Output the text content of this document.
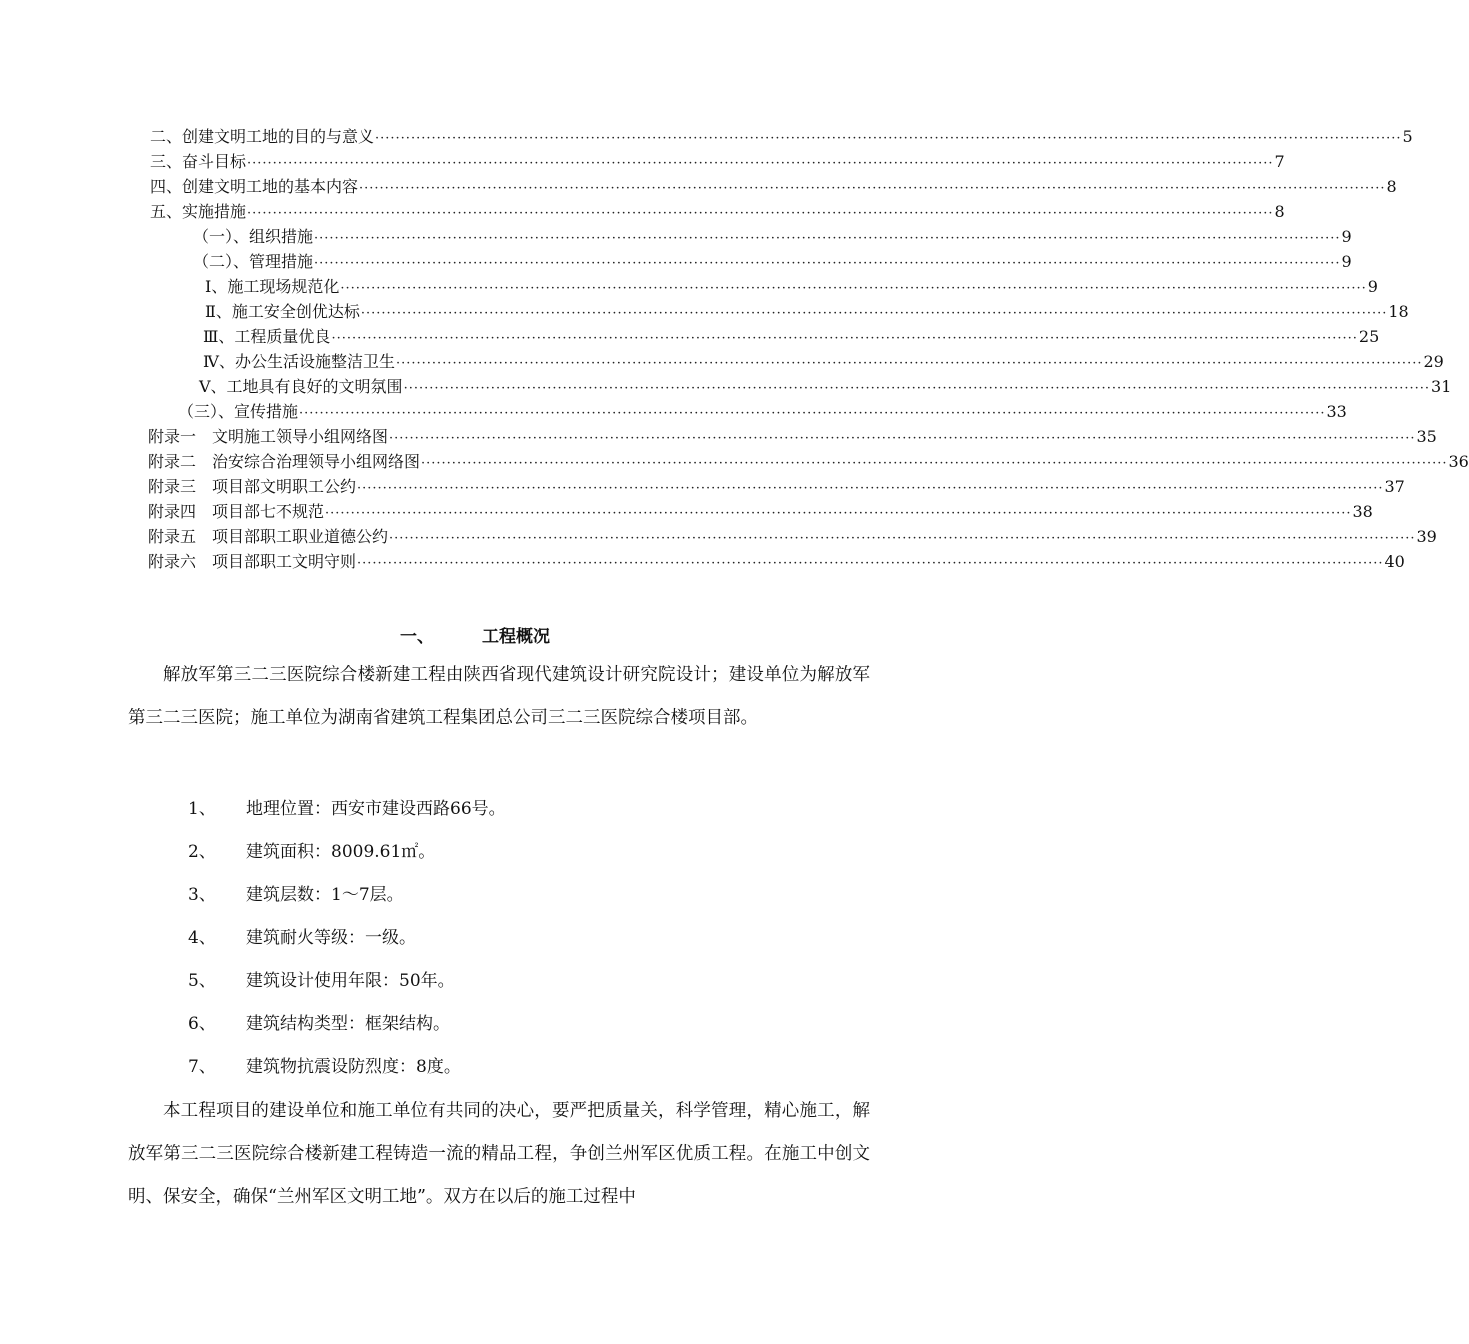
二、创建文明工地的目的与意义 ········································································································································································································ 5
三、奋斗目标 ········································································································································································································ 7
四、创建文明工地的基本内容 ········································································································································································································ 8
五、实施措施 ········································································································································································································ 8
（一）、组织措施 ········································································································································································································ 9
（二）、管理措施 ········································································································································································································ 9
Ⅰ、施工现场规范化 ········································································································································································································ 9
Ⅱ、施工安全创优达标 ········································································································································································································ 18
Ⅲ、工程质量优良 ········································································································································································································ 25
Ⅳ、办公生活设施整洁卫生 ········································································································································································································ 29
Ⅴ、工地具有良好的文明氛围 ········································································································································································································ 31
（三）、宣传措施 ········································································································································································································ 33
附录一　文明施工领导小组网络图 ········································································································································································································ 35
附录二　治安综合治理领导小组网络图 ········································································································································································································ 36
附录三　项目部文明职工公约 ········································································································································································································ 37
附录四　项目部七不规范 ········································································································································································································ 38
附录五　项目部职工职业道德公约 ········································································································································································································ 39
附录六　项目部职工文明守则 ········································································································································································································ 40
一、	工程概况

解放军第三二三医院综合楼新建工程由陕西省现代建筑设计研究院设计；建设单位为解放军第三二三医院；施工单位为湖南省建筑工程集团总公司三二三医院综合楼项目部。

1、 地理位置：西安市建设西路66号。
2、 建筑面积：8009.61㎡。
3、 建筑层数：1～7层。
4、 建筑耐火等级：一级。
5、 建筑设计使用年限：50年。
6、 建筑结构类型：框架结构。
7、 建筑物抗震设防烈度：8度。

本工程项目的建设单位和施工单位有共同的决心，要严把质量关，科学管理，精心施工，解放军第三二三医院综合楼新建工程铸造一流的精品工程，争创兰州军区优质工程。在施工中创文明、保安全，确保“兰州军区文明工地”。双方在以后的施工过程中
